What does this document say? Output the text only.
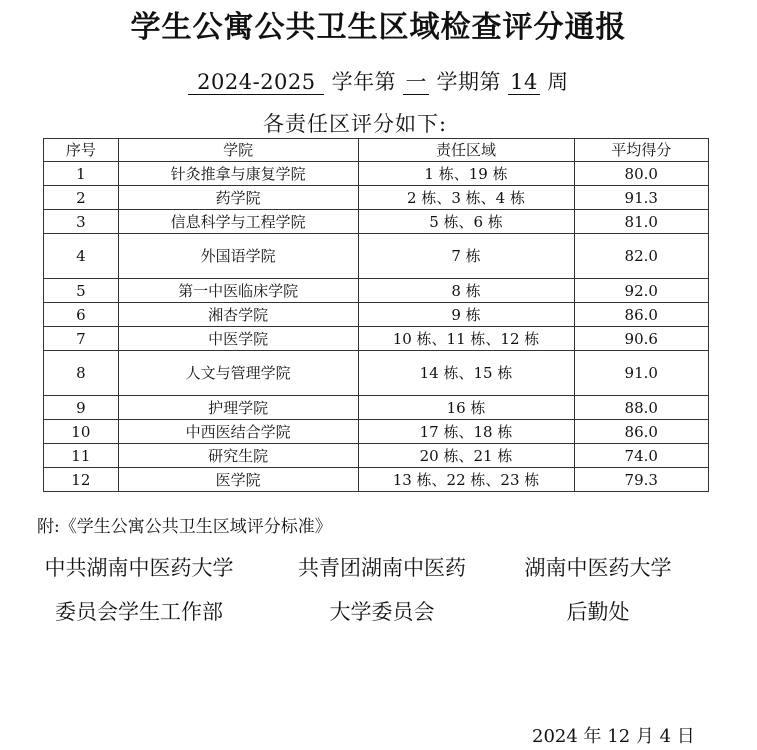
学生公寓公共卫生区域检查评分通报
2024-2025 学年第 一 学期第 14 周
各责任区评分如下:
序号	学院	责任区域	平均得分
1	针灸推拿与康复学院	1 栋、19 栋	80.0
2	药学院	2 栋、3 栋、4 栋	91.3
3	信息科学与工程学院	5 栋、6 栋	81.0
4	外国语学院	7 栋	82.0
5	第一中医临床学院	8 栋	92.0
6	湘杏学院	9 栋	86.0
7	中医学院	10 栋、11 栋、12 栋	90.6
8	人文与管理学院	14 栋、15 栋	91.0
9	护理学院	16 栋	88.0
10	中西医结合学院	17 栋、18 栋	86.0
11	研究生院	20 栋、21 栋	74.0
12	医学院	13 栋、22 栋、23 栋	79.3
附:《学生公寓公共卫生区域评分标准》
中共湖南中医药大学
委员会学生工作部
共青团湖南中医药
大学委员会
湖南中医药大学
后勤处
2024 年 12 月 4 日
